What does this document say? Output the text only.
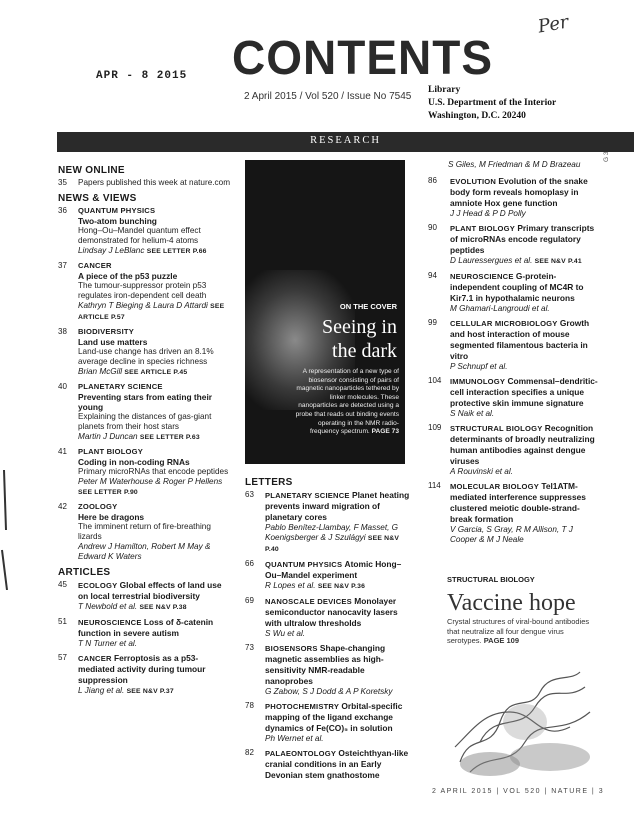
Per
CONTENTS
APR - 8 2015
2 April 2015 / Vol 520 / Issue No 7545
Library
U.S. Department of the Interior
Washington, D.C. 20240
RESEARCH
NEW ONLINE
35 Papers published this week at nature.com
NEWS & VIEWS
36 QUANTUM PHYSICS
Two-atom bunching
Hong–Ou–Mandel quantum effect demonstrated for helium-4 atoms
Lindsay J LeBlanc SEE LETTER P.66
37 CANCER
A piece of the p53 puzzle
The tumour-suppressor protein p53 regulates iron-dependent cell death
Kathryn T Bieging & Laura D Attardi SEE ARTICLE P.57
38 BIODIVERSITY
Land use matters
Land-use change has driven an 8.1% average decline in species richness
Brian McGill SEE ARTICLE P.45
40 PLANETARY SCIENCE
Preventing stars from eating their young
Explaining the distances of gas-giant planets from their host stars
Martin J Duncan SEE LETTER P.63
41 PLANT BIOLOGY
Coding in non-coding RNAs
Primary microRNAs that encode peptides
Peter M Waterhouse & Roger P Hellens SEE LETTER P.90
42 ZOOLOGY
Here be dragons
The imminent return of fire-breathing lizards
Andrew J Hamilton, Robert M May & Edward K Waters
ARTICLES
45 ECOLOGY Global effects of land use on local terrestrial biodiversity
T Newbold et al. SEE N&V P.38
51 NEUROSCIENCE Loss of δ-catenin function in severe autism
T N Turner et al.
57 CANCER Ferroptosis as a p53-mediated activity during tumour suppression
L Jiang et al. SEE N&V P.37
ON THE COVER
Seeing in
the dark
A representation of a new type of biosensor consisting of pairs of magnetic nanoparticles tethered by linker molecules. These nanoparticles are detected using a probe that reads out binding events operating in the NMR radio-frequency spectrum. PAGE 73
LETTERS
63 PLANETARY SCIENCE Planet heating prevents inward migration of planetary cores
Pablo Benítez-Llambay, F Masset, G Koenigsberger & J Szulágyi SEE N&V P.40
66 QUANTUM PHYSICS Atomic Hong–Ou–Mandel experiment
R Lopes et al. SEE N&V P.36
69 NANOSCALE DEVICES Monolayer semiconductor nanocavity lasers with ultralow thresholds
S Wu et al.
73 BIOSENSORS Shape-changing magnetic assemblies as high-sensitivity NMR-readable nanoprobes
G Zabow, S J Dodd & A P Koretsky
78 PHOTOCHEMISTRY Orbital-specific mapping of the ligand exchange dynamics of Fe(CO)₅ in solution
Ph Wernet et al.
82 PALAEONTOLOGY Osteichthyan-like cranial conditions in an Early Devonian stem gnathostome
S Giles, M Friedman & M D Brazeau
86 EVOLUTION Evolution of the snake body form reveals homoplasy in amniote Hox gene function
J J Head & P D Polly
90 PLANT BIOLOGY Primary transcripts of microRNAs encode regulatory peptides
D Lauressergues et al. SEE N&V P.41
94 NEUROSCIENCE G-protein-independent coupling of MC4R to Kir7.1 in hypothalamic neurons
M Ghamari-Langroudi et al.
99 CELLULAR MICROBIOLOGY Growth and host interaction of mouse segmented filamentous bacteria in vitro
P Schnupf et al.
104 IMMUNOLOGY Commensal–dendritic-cell interaction specifies a unique protective skin immune signature
S Naik et al.
109 STRUCTURAL BIOLOGY Recognition determinants of broadly neutralizing human antibodies against dengue viruses
A Rouvinski et al.
114 MOLECULAR BIOLOGY Tel1ATM-mediated interference suppresses clustered meiotic double-strand-break formation
V Garcia, S Gray, R M Allison, T J Cooper & M J Neale
STRUCTURAL BIOLOGY
Vaccine hope
Crystal structures of viral-bound antibodies that neutralize all four dengue virus serotypes. PAGE 109
2 APRIL 2015 | VOL 520 | NATURE | 3
